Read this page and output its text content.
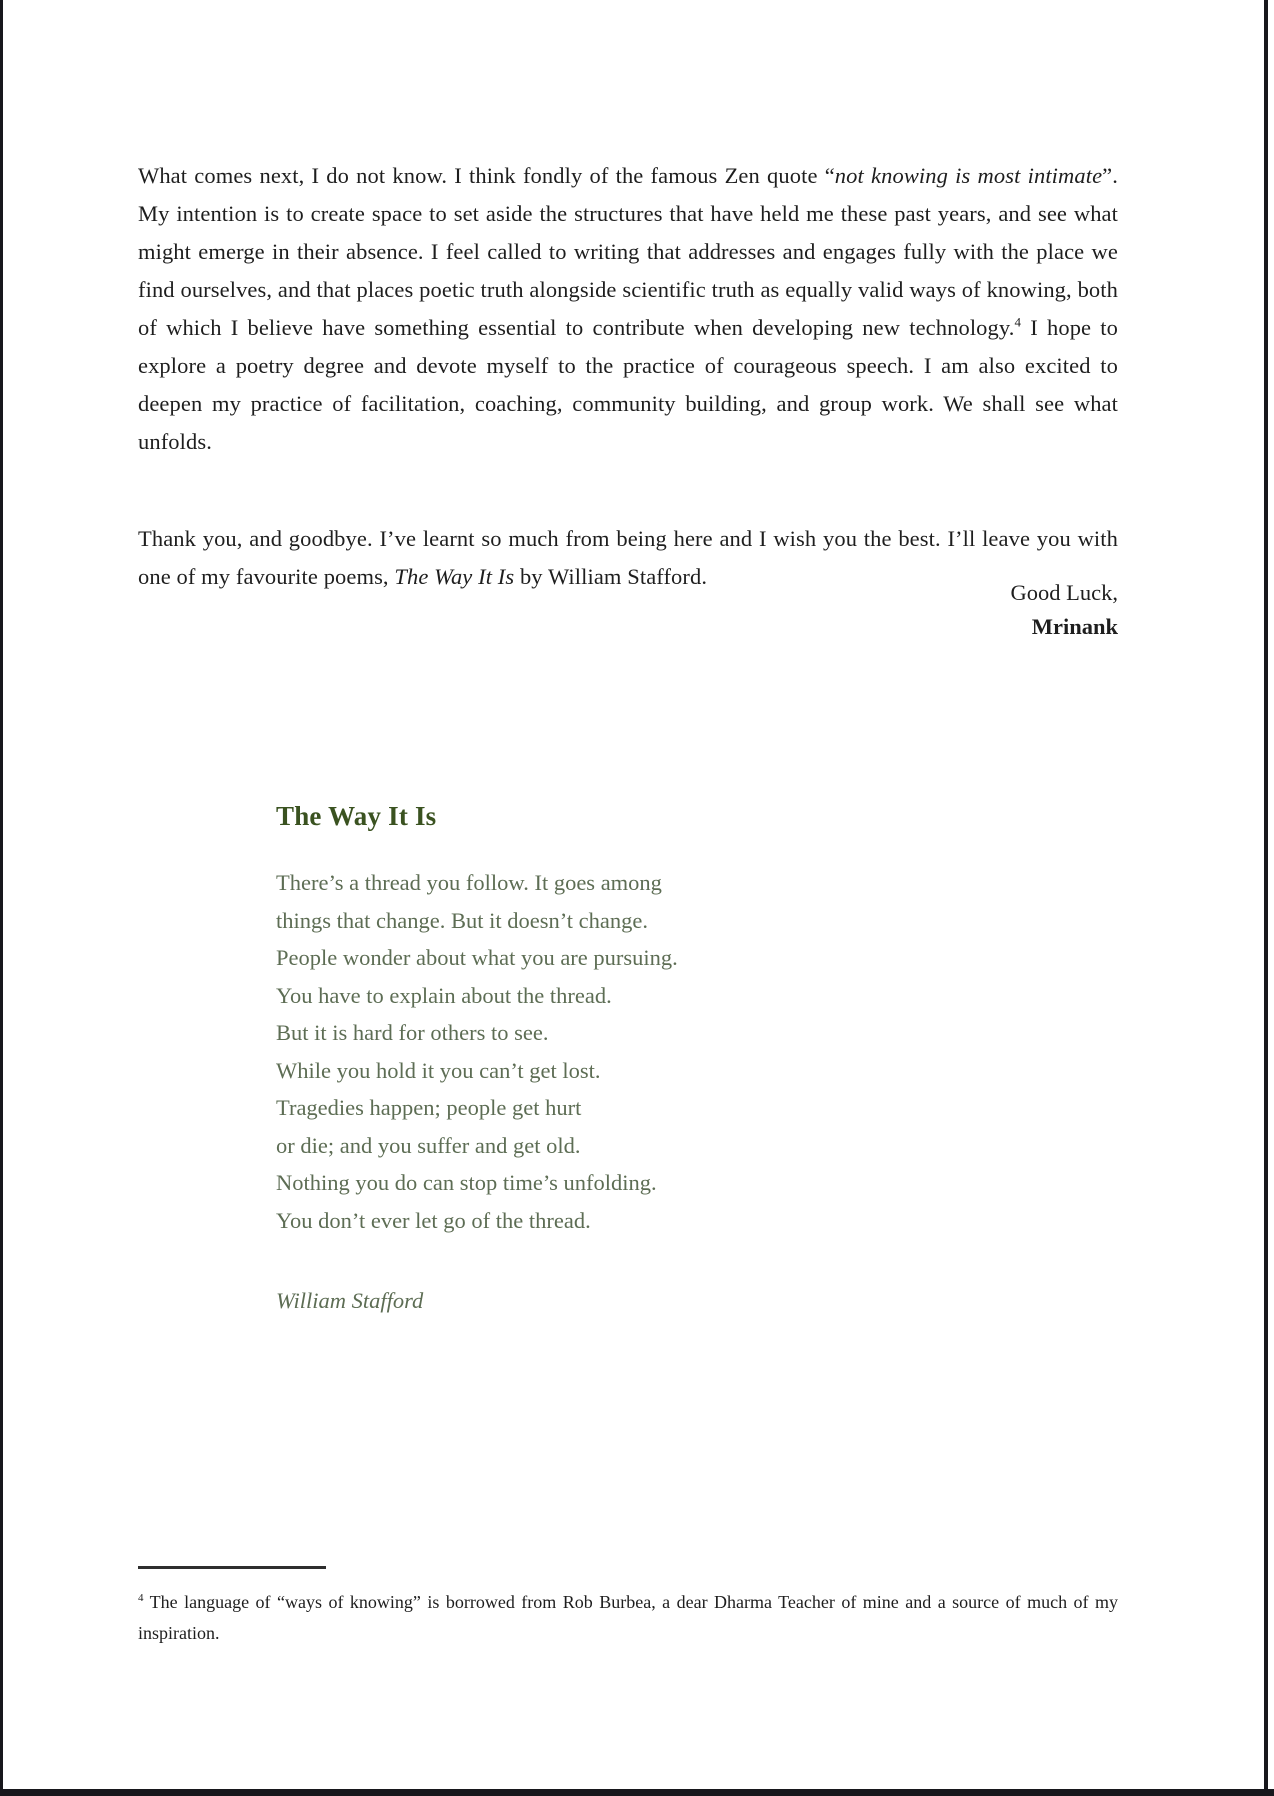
What comes next, I do not know. I think fondly of the famous Zen quote “not knowing is most intimate”. My intention is to create space to set aside the structures that have held me these past years, and see what might emerge in their absence. I feel called to writing that addresses and engages fully with the place we find ourselves, and that places poetic truth alongside scientific truth as equally valid ways of knowing, both of which I believe have something essential to contribute when developing new technology.$^4$ I hope to explore a poetry degree and devote myself to the practice of courageous speech. I am also excited to deepen my practice of facilitation, coaching, community building, and group work. We shall see what unfolds.

Thank you, and goodbye. I’ve learnt so much from being here and I wish you the best. I’ll leave you with one of my favourite poems, The Way It Is by William Stafford.

Good Luck,
Mrinank
The Way It Is
There’s a thread you follow. It goes among
things that change. But it doesn’t change.
People wonder about what you are pursuing.
You have to explain about the thread.
But it is hard for others to see.
While you hold it you can’t get lost.
Tragedies happen; people get hurt
or die; and you suffer and get old.
Nothing you do can stop time’s unfolding.
You don’t ever let go of the thread.
William Stafford

$^4$ The language of “ways of knowing” is borrowed from Rob Burbea, a dear Dharma Teacher of mine and a source of much of my inspiration.
